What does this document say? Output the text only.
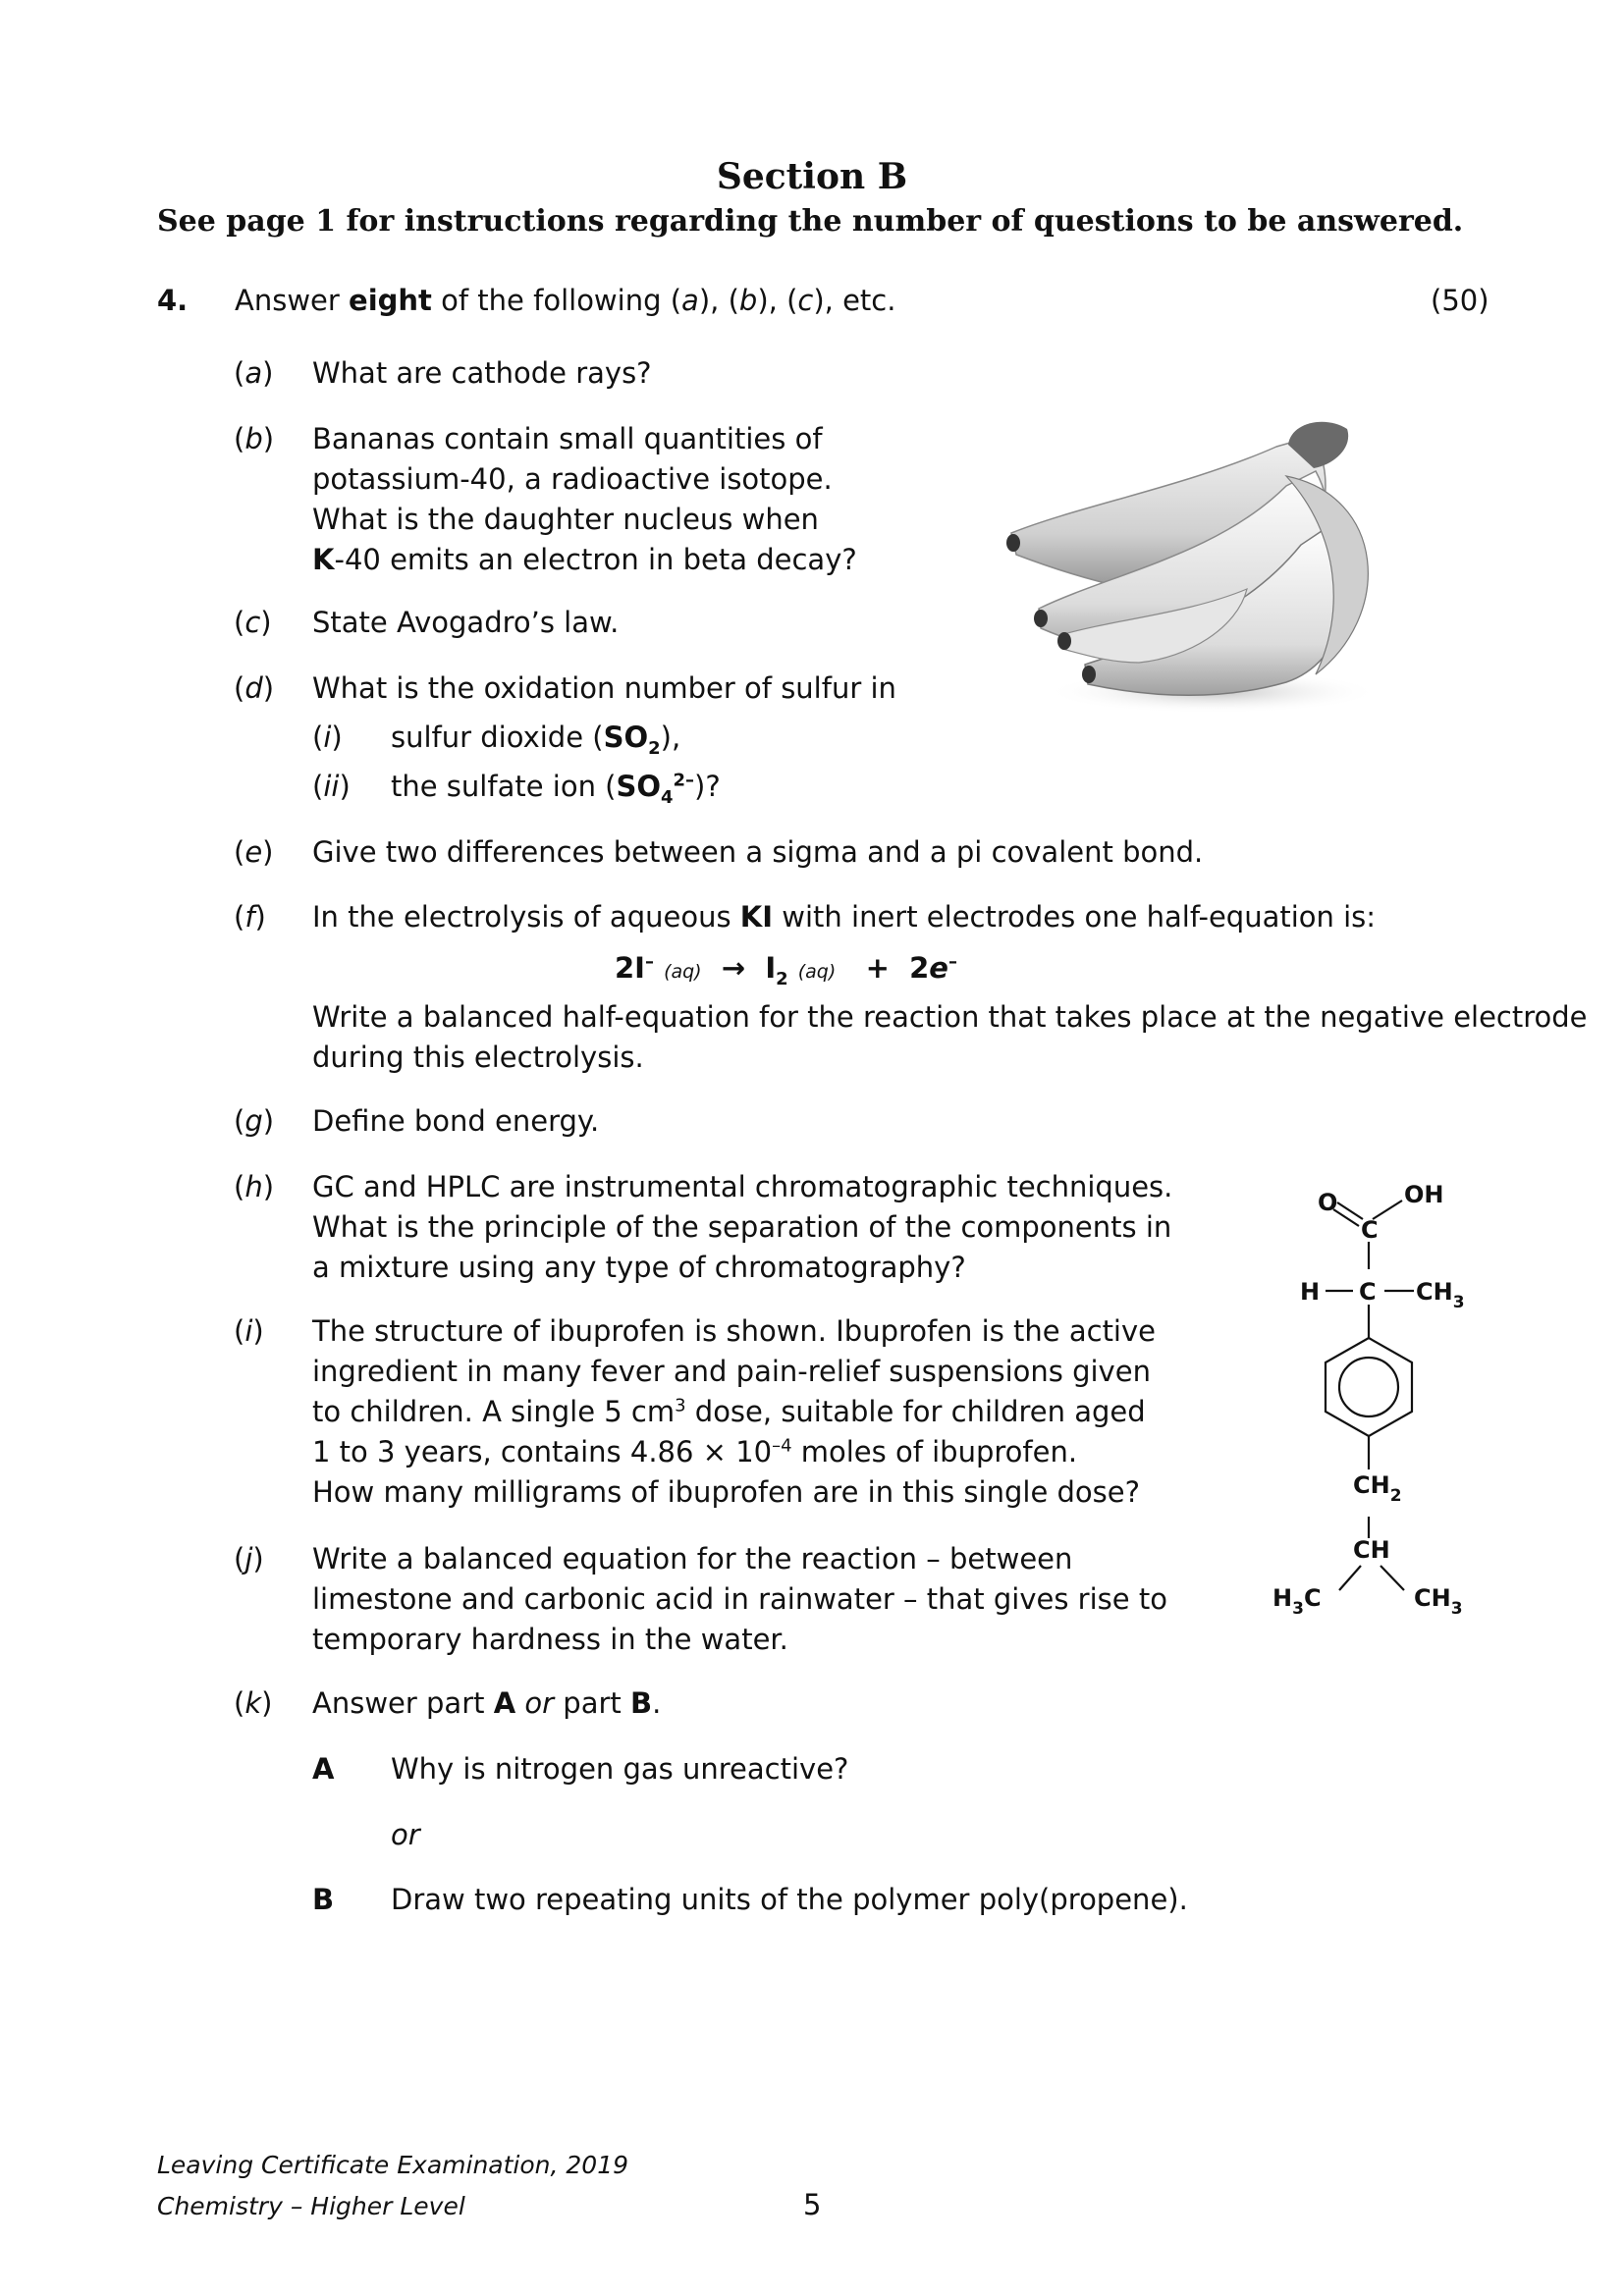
Section B
See page 1 for instructions regarding the number of questions to be answered.
4. Answer eight of the following (a), (b), (c), etc.	(50)
(a) What are cathode rays?
(b) Bananas contain small quantities of
potassium-40, a radioactive isotope.
What is the daughter nucleus when
K-40 emits an electron in beta decay?
(c) State Avogadro’s law.
(d) What is the oxidation number of sulfur in
(i) sulfur dioxide $(SO_2)$,
(ii) the sulfate ion $(SO_4^{2-})$?
(e) Give two differences between a sigma and a pi covalent bond.
(f) In the electrolysis of aqueous KI with inert electrodes one half-equation is:
2I– $(aq) \to I_2$ (aq) + 2e–
Write a balanced half-equation for the reaction that takes place at the negative electrode
during this electrolysis.
(g) Define bond energy.
(h) GC and HPLC are instrumental chromatographic techniques.
What is the principle of the separation of the components in
a mixture using any type of chromatography?
(i) The structure of ibuprofen is shown. Ibuprofen is the active
ingredient in many fever and pain-relief suspensions given
to children. A single 5 $cm^3$ dose, suitable for children aged
1 to 3 years, contains $4.86 \times 10^{-4}$ moles of ibuprofen.
How many milligrams of ibuprofen are in this single dose?
(j) Write a balanced equation for the reaction – between
limestone and carbonic acid in rainwater – that gives rise to
temporary hardness in the water.
(k) Answer part A or part B.
A Why is nitrogen gas unreactive?
or
B Draw two repeating units of the polymer poly(propene).
O
C
OH
H C $CH_3$
$CH_2$
CH
$H_3C$	$CH_3$
Leaving Certificate Examination, 2019
Chemistry – Higher Level	5
